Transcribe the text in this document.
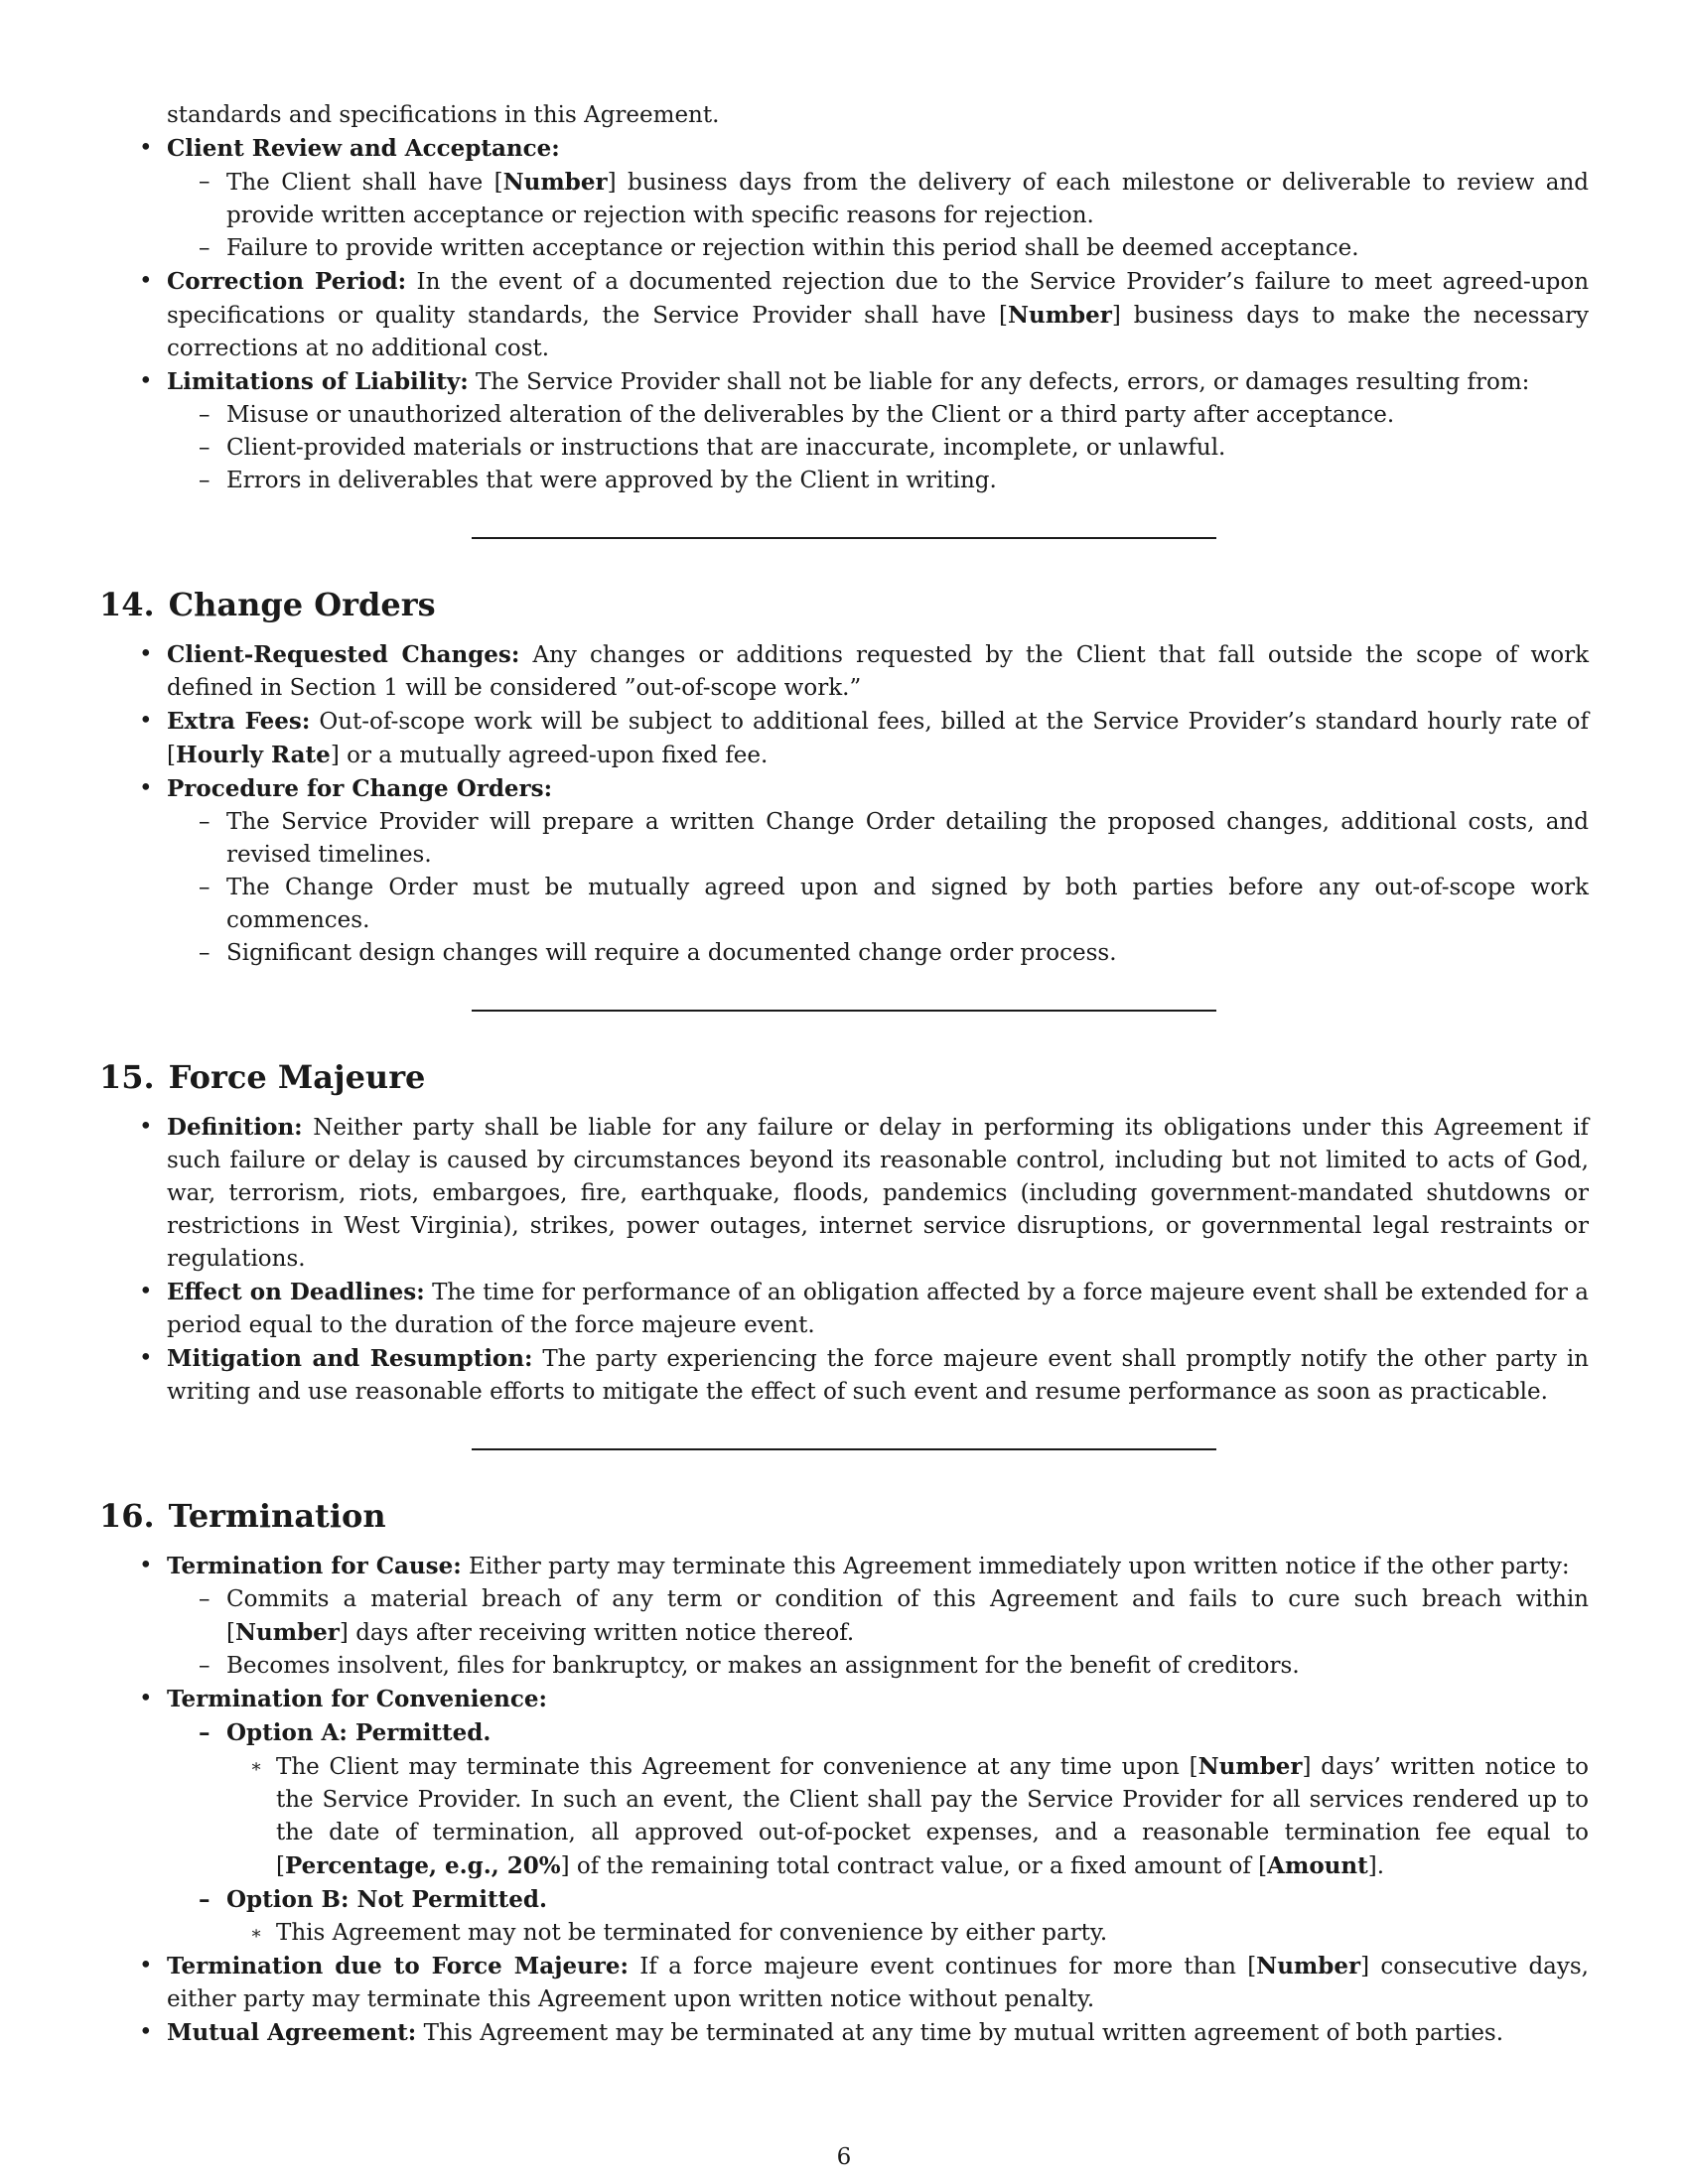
standards and specifications in this Agreement.
• Client Review and Acceptance:
– The Client shall have [Number] business days from the delivery of each milestone or deliverable to review and provide written acceptance or rejection with specific reasons for rejection.
– Failure to provide written acceptance or rejection within this period shall be deemed acceptance.
• Correction Period: In the event of a documented rejection due to the Service Provider’s failure to meet agreed-upon specifications or quality standards, the Service Provider shall have [Number] business days to make the necessary corrections at no additional cost.
• Limitations of Liability: The Service Provider shall not be liable for any defects, errors, or damages resulting from:
– Misuse or unauthorized alteration of the deliverables by the Client or a third party after acceptance.
– Client-provided materials or instructions that are inaccurate, incomplete, or unlawful.
– Errors in deliverables that were approved by the Client in writing.
14. Change Orders
• Client-Requested Changes: Any changes or additions requested by the Client that fall outside the scope of work defined in Section 1 will be considered ”out-of-scope work.”
• Extra Fees: Out-of-scope work will be subject to additional fees, billed at the Service Provider’s standard hourly rate of [Hourly Rate] or a mutually agreed-upon fixed fee.
• Procedure for Change Orders:
– The Service Provider will prepare a written Change Order detailing the proposed changes, additional costs, and revised timelines.
– The Change Order must be mutually agreed upon and signed by both parties before any out-of-scope work commences.
– Significant design changes will require a documented change order process.
15. Force Majeure
• Definition: Neither party shall be liable for any failure or delay in performing its obligations under this Agreement if such failure or delay is caused by circumstances beyond its reasonable control, including but not limited to acts of God, war, terrorism, riots, embargoes, fire, earthquake, floods, pandemics (including government-mandated shutdowns or restrictions in West Virginia), strikes, power outages, internet service disruptions, or governmental legal restraints or regulations.
• Effect on Deadlines: The time for performance of an obligation affected by a force majeure event shall be extended for a period equal to the duration of the force majeure event.
• Mitigation and Resumption: The party experiencing the force majeure event shall promptly notify the other party in writing and use reasonable efforts to mitigate the effect of such event and resume performance as soon as practicable.
16. Termination
• Termination for Cause: Either party may terminate this Agreement immediately upon written notice if the other party:
– Commits a material breach of any term or condition of this Agreement and fails to cure such breach within [Number] days after receiving written notice thereof.
– Becomes insolvent, files for bankruptcy, or makes an assignment for the benefit of creditors.
• Termination for Convenience:
– Option A: Permitted.
∗ The Client may terminate this Agreement for convenience at any time upon [Number] days’ written notice to the Service Provider. In such an event, the Client shall pay the Service Provider for all services rendered up to the date of termination, all approved out-of-pocket expenses, and a reasonable termination fee equal to [Percentage, e.g., 20%] of the remaining total contract value, or a fixed amount of [Amount].
– Option B: Not Permitted.
∗ This Agreement may not be terminated for convenience by either party.
• Termination due to Force Majeure: If a force majeure event continues for more than [Number] consecutive days, either party may terminate this Agreement upon written notice without penalty.
• Mutual Agreement: This Agreement may be terminated at any time by mutual written agreement of both parties.
6
